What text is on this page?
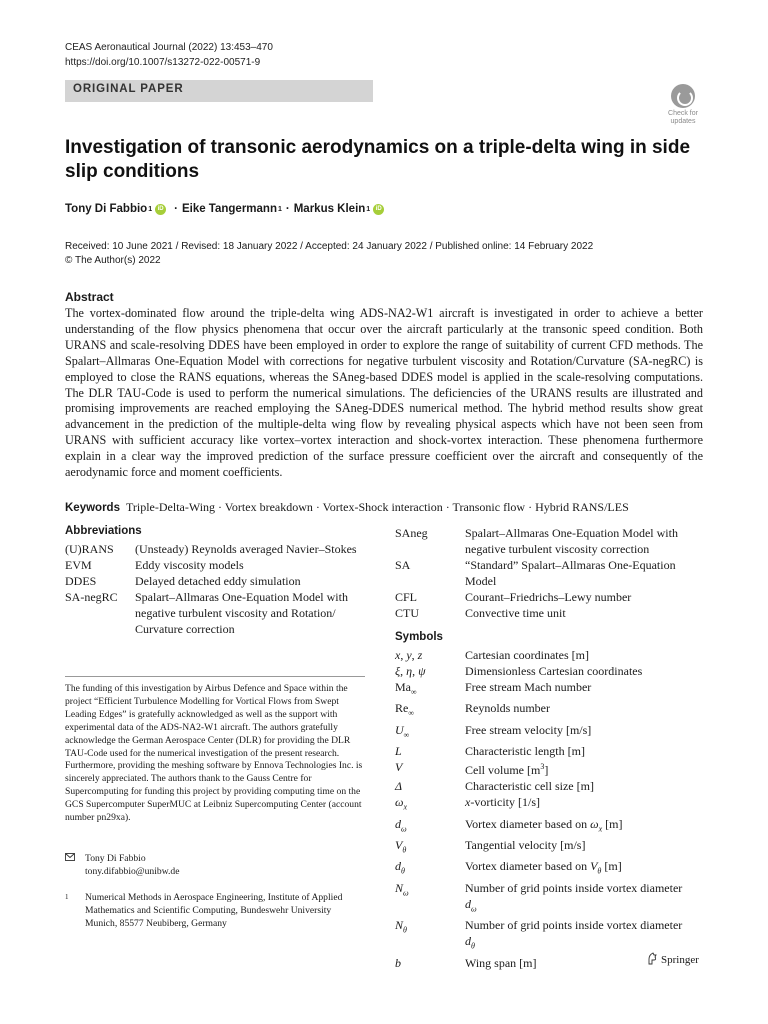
CEAS Aeronautical Journal (2022) 13:453–470
https://doi.org/10.1007/s13272-022-00571-9
ORIGINAL PAPER
Check for
updates
Investigation of transonic aerodynamics on a triple-delta wing in side slip conditions
Tony Di Fabbio 1 iD · Eike Tangermann 1 · Markus Klein 1 iD
Received: 10 June 2021 / Revised: 18 January 2022 / Accepted: 24 January 2022 / Published online: 14 February 2022
© The Author(s) 2022
Abstract
The vortex-dominated flow around the triple-delta wing ADS-NA2-W1 aircraft is investigated in order to achieve a better understanding of the flow physics phenomena that occur over the aircraft particularly at the transonic speed condition. Both URANS and scale-resolving DDES have been employed in order to explore the range of suitability of current CFD methods. The Spalart–Allmaras One-Equation Model with corrections for negative turbulent viscosity and Rotation/Curvature (SA-negRC) is employed to close the RANS equations, whereas the SAneg-based DDES model is applied in the scale-resolving computations. The DLR TAU-Code is used to perform the numerical simulations. The deficiencies of the URANS results are illustrated and promising improvements are reached employing the SAneg-DDES numerical method. The hybrid method results show great advancement in the prediction of the multiple-delta wing flow by revealing physical aspects which have not been seen from URANS with sufficient accuracy like vortex–vortex interaction and shock-vortex interaction. These phenomena furthermore explain in a clear way the improved prediction of the surface pressure coefficient over the aircraft and consequently of the aerodynamic force and moment coefficients.
Keywords Triple-Delta-Wing · Vortex breakdown · Vortex-Shock interaction · Transonic flow · Hybrid RANS/LES
Abbreviations
(U)RANS	(Unsteady) Reynolds averaged Navier–Stokes
EVM	Eddy viscosity models
DDES	Delayed detached eddy simulation
SA-negRC	Spalart–Allmaras One-Equation Model with negative turbulent viscosity and Rotation/ Curvature correction
SAneg	Spalart–Allmaras One-Equation Model with negative turbulent viscosity correction
SA	“Standard” Spalart–Allmaras One-Equation Model
CFL	Courant–Friedrichs–Lewy number
CTU	Convective time unit
Symbols
x, y, z	Cartesian coordinates [m]
ξ, η, ψ	Dimensionless Cartesian coordinates
$Ma_\infty$	Free stream Mach number
$Re_\infty$	Reynolds number
$U_\infty$	Free stream velocity [m/s]
L	Characteristic length [m]
V	Cell volume $[m^3]$
Δ	Characteristic cell size [m]
$\omega_x$	x-vorticity [1/s]
$d_\omega$	Vortex diameter based on $\omega_x$ [m]
$V_\theta$	Tangential velocity [m/s]
$d_\theta$	Vortex diameter based on $V_\theta$ [m]
$N_\omega$	Number of grid points inside vortex diameter
$d_\omega$
$N_\theta$	Number of grid points inside vortex diameter
$d_\theta$
b	Wing span [m]
The funding of this investigation by Airbus Defence and Space within the project “Efficient Turbulence Modelling for Vortical Flows from Swept Leading Edges” is gratefully acknowledged as well as the support with experimental data of the ADS-NA2-W1 aircraft. The authors gratefully acknowledge the German Aerospace Center (DLR) for providing the DLR TAU-Code used for the numerical investigation of the present research. Furthermore, providing the meshing software by Ennova Technologies Inc. is sincerely appreciated. The authors thank to the Gauss Centre for Supercomputing for funding this project by providing computing time on the GCS Supercomputer SuperMUC at Leibniz Supercomputing Center (account number pn29xa).
Tony Di Fabbio
tony.difabbio@unibw.de
1	Numerical Methods in Aerospace Engineering, Institute of Applied Mathematics and Scientific Computing, Bundeswehr University Munich, 85577 Neubiberg, Germany
Springer
